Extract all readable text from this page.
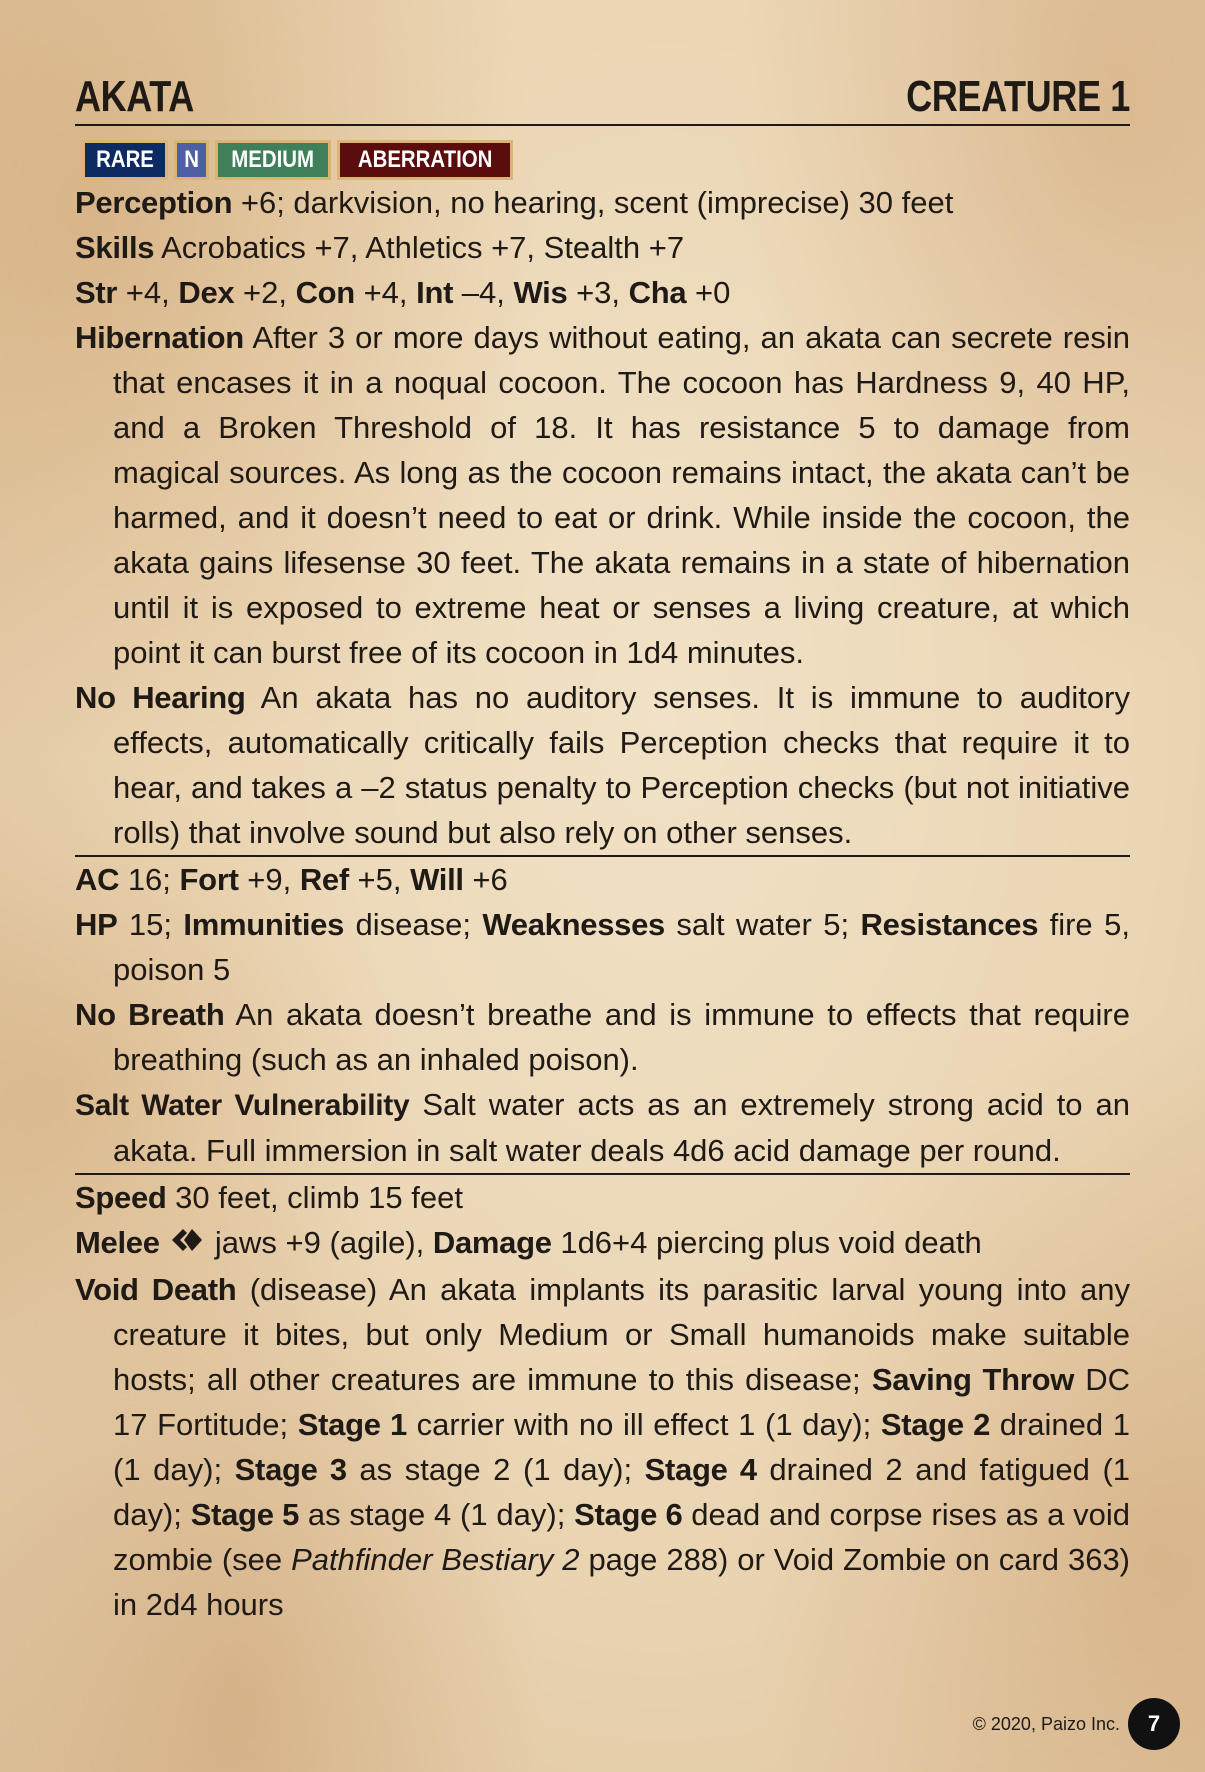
AKATA	CREATURE 1
RARE N MEDIUM ABERRATION
Perception +6; darkvision, no hearing, scent (imprecise) 30 feet
Skills Acrobatics +7, Athletics +7, Stealth +7
Str +4, Dex +2, Con +4, Int –4, Wis +3, Cha +0
Hibernation After 3 or more days without eating, an akata can secrete resin that encases it in a noqual cocoon. The cocoon has Hardness 9, 40 HP, and a Broken Threshold of 18. It has resistance 5 to damage from magical sources. As long as the cocoon remains intact, the akata can’t be harmed, and it doesn’t need to eat or drink. While inside the cocoon, the akata gains lifesense 30 feet. The akata remains in a state of hibernation until it is exposed to extreme heat or senses a living creature, at which point it can burst free of its cocoon in 1d4 minutes.
No Hearing An akata has no auditory senses. It is immune to auditory effects, automatically critically fails Perception checks that require it to hear, and takes a –2 status penalty to Perception checks (but not initiative rolls) that involve sound but also rely on other senses.
AC 16; Fort +9, Ref +5, Will +6
HP 15; Immunities disease; Weaknesses salt water 5; Resistances fire 5, poison 5
No Breath An akata doesn’t breathe and is immune to effects that require breathing (such as an inhaled poison).
Salt Water Vulnerability Salt water acts as an extremely strong acid to an akata. Full immersion in salt water deals 4d6 acid damage per round.
Speed 30 feet, climb 15 feet
Melee jaws +9 (agile), Damage 1d6+4 piercing plus void death
Void Death (disease) An akata implants its parasitic larval young into any creature it bites, but only Medium or Small humanoids make suitable hosts; all other creatures are immune to this disease; Saving Throw DC 17 Fortitude; Stage 1 carrier with no ill effect 1 (1 day); Stage 2 drained 1 (1 day); Stage 3 as stage 2 (1 day); Stage 4 drained 2 and fatigued (1 day); Stage 5 as stage 4 (1 day); Stage 6 dead and corpse rises as a void zombie (see Pathfinder Bestiary 2 page 288) or Void Zombie on card 363) in 2d4 hours
© 2020, Paizo Inc.	7
